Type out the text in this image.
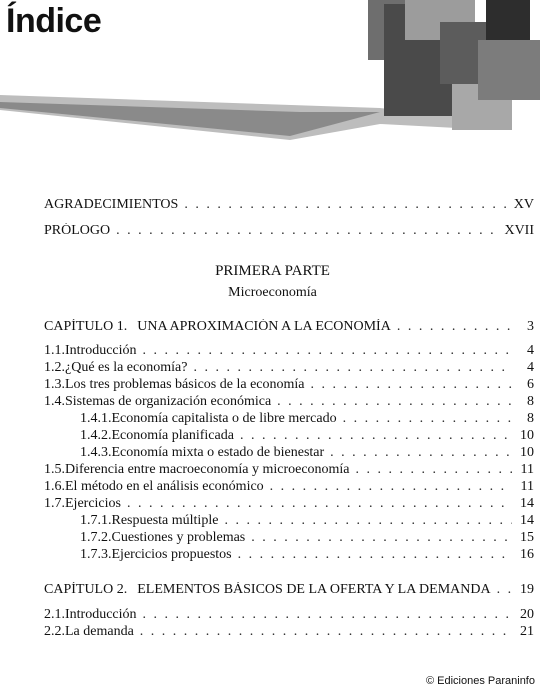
Índice
AGRADECIMIENTOS . . .	XV
PRÓLOGO . . .	XVII
PRIMERA PARTE
Microeconomía
CAPÍTULO 1. UNA APROXIMACIÓN A LA ECONOMÍA . . .	3
1.1. Introducción . . .	4
1.2. ¿Qué es la economía? . . .	4
1.3. Los tres problemas básicos de la economía . . .	6
1.4. Sistemas de organización económica . . .	8
1.4.1. Economía capitalista o de libre mercado . . .	8
1.4.2. Economía planificada . . .	10
1.4.3. Economía mixta o estado de bienestar . . .	10
1.5. Diferencia entre macroeconomía y microeconomía . . .	11
1.6. El método en el análisis económico . . .	11
1.7. Ejercicios . . .	14
1.7.1. Respuesta múltiple . . .	14
1.7.2. Cuestiones y problemas . . .	15
1.7.3. Ejercicios propuestos . . .	16
CAPÍTULO 2. ELEMENTOS BÁSICOS DE LA OFERTA Y LA DEMANDA . . . 19
2.1. Introducción . . .	20
2.2. La demanda . . .	21
© Ediciones Paraninfo
